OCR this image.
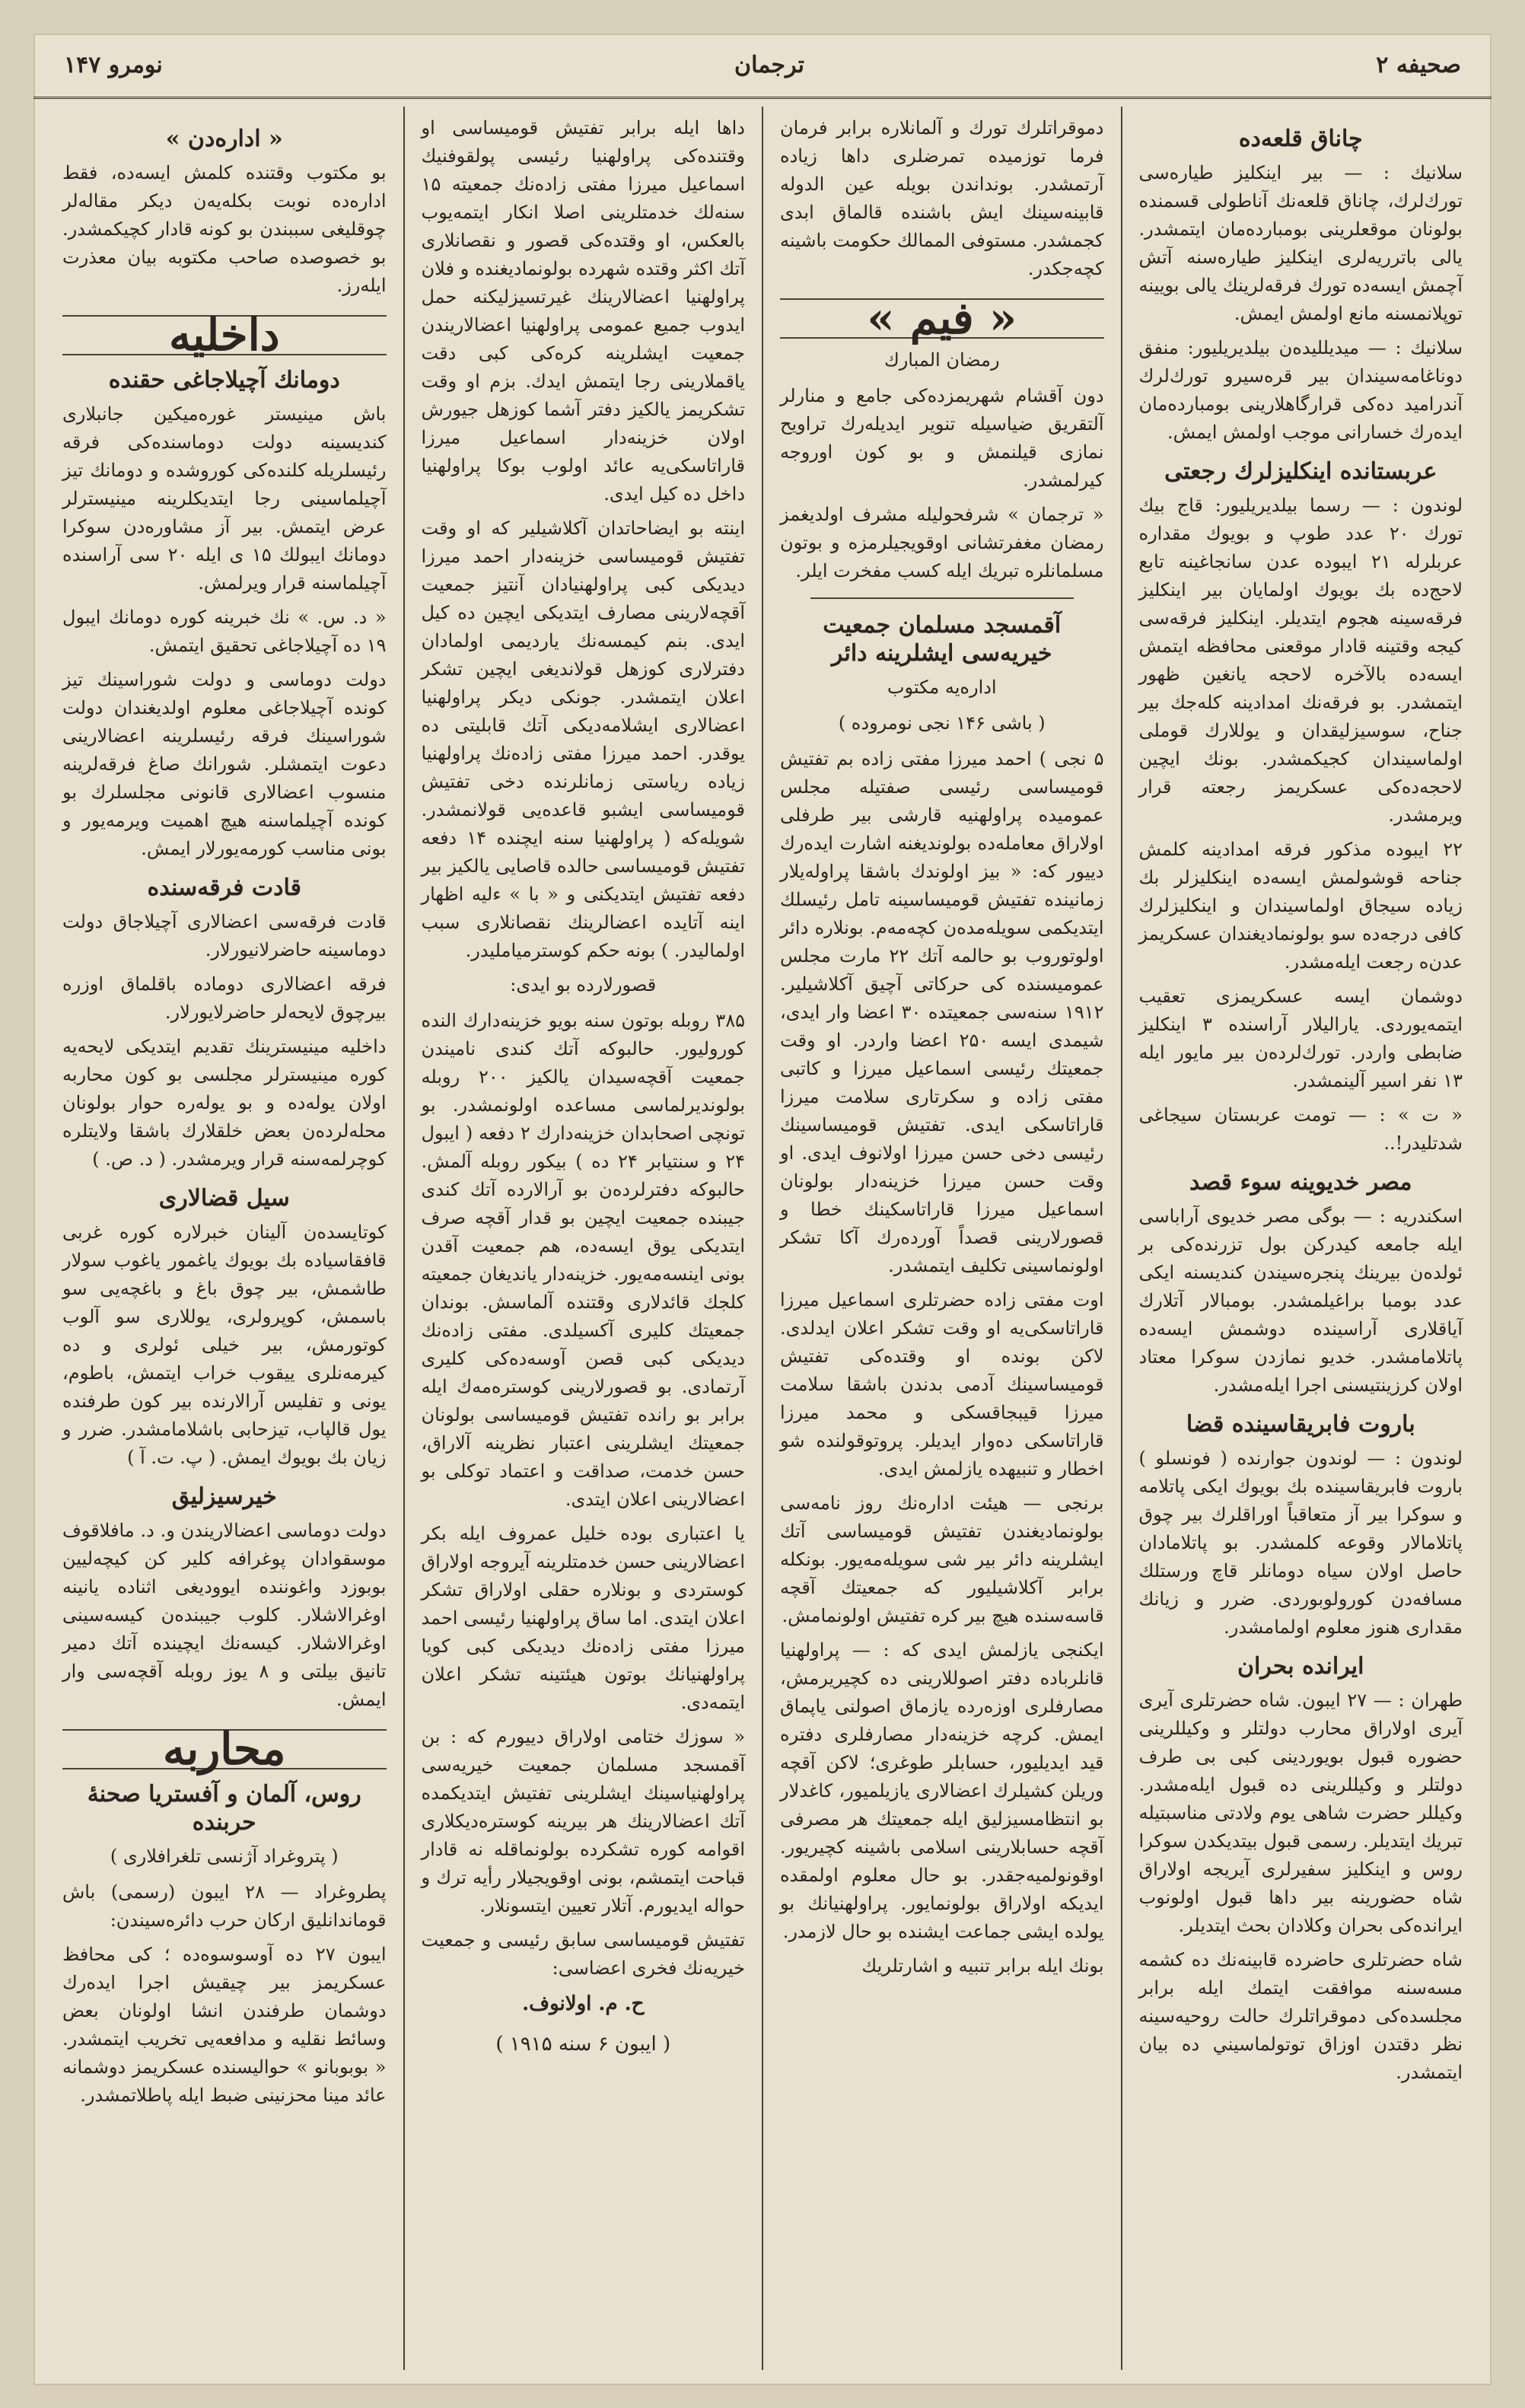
صحیفه ۲
ترجمان
نومرو ۱۴۷
چاناق قلعه‌ده

سلانیك : — بیر اینكلیز طیاره‌سی تورك‌لرك، چاناق قلعه‌نك آناطولی قسمنده بولونان موقعلرینی بومبارده‌مان ایتمشدر. یالی باترریه‌لری اینكلیز طیاره‌سنه آتش آچمش ایسه‌ده تورك فرقه‌لرینك یالی بویینه توپلانمسنه مانع اولمش ایمش.

سلانیك : — میدیللیده‌ن بیلدیریلیور: منفق دوناغامه‌سیندان بیر قره‌سیرو تورك‌لرك آندرامید ده‌کی قرارگاهلارینی بومبارده‌مان ایده‌رك خسارانی موجب اولمش ایمش.

عربستانده اینكلیزلرك رجعتی

لوندون : — رسما بیلدیریلیور: قاج بیك تورك ۲۰ عدد طوپ و بویوك مقداره عربلرله ۲۱ ایبوده عدن سانجاغینه تابع لاحج‌ده بك بویوك اولمایان بیر اینكلیز فرقه‌سینه هجوم ایتدیلر. اینكلیز فرقه‌سی كیجه وقتینه قادار موقعنی محافظه ایتمش ایسه‌ده بالآخره لاحجه یانغین ظهور ایتمشدر. بو فرقه‌نك امدادینه كله‌جك بیر جناح، سوسیزلیقدان و یوللارك قوملی اولماسیندان كجیكمشدر. بونك ایچین لاحجه‌ده‌كی عسكریمز رجعته قرار ویرمشدر.

۲۲ ایبوده مذكور فرقه امدادینه كلمش جناحه قوشولمش ایسه‌ده اینكلیزلر بك زیاده سیجاق اولماسیندان و اینكلیزلرك كافی درجه‌ده سو بولونمادیغندان عسكریمز عدن‌ه رجعت ایله‌مشدر.

دوشمان ایسه عسكریمزی تعقیب ایتمه‌یوردی. یارالیلار آراسنده ۳ اینكلیز ضابطی واردر. تورك‌لرده‌ن بیر مایور ایله ۱۳ نفر اسیر آلینمشدر.

« ت » : — تومت عربستان سیجاغی شدتلیدر!..

مصر خدیوینه سوء قصد

اسكندریه : — بوگی مصر خدیوی آراباسی ایله جامعه كیدركن بول تزرنده‌كی بر ئولده‌ن بیرینك پنجره‌سیندن كندیسنه ایكی عدد بومبا براغیلمشدر. بومبالار آتلارك آیاقلاری آراسینده دوشمش ایسه‌ده پاتلامامشدر. خدیو نمازدن سوكرا معتاد اولان كرزینتیسنی اجرا ایله‌مشدر.

باروت فابریقاسینده قضا

لوندون : — لوندون جوارنده ( فونسلو ) باروت فابریقاسینده بك بویوك ایكی پاتلامه و سوكرا بیر آز متعاقباً اوراقلرك بیر چوق پاتلاما‌لار وقوعه كلمشدر. بو پاتلامادان حاصل اولان سیاه دومانلر قاچ ورستلك مسافه‌دن كورولوبوردی. ضرر و زیانك مقداری هنوز معلوم اولمامشدر.

ایرانده بحران

طهران : — ۲۷ ایبون. شاه حضرتلری آیری آیری اولاراق محارب دولتلر و وكیللرینی حضوره قبول بویوردینی كبی بی طرف دولتلر و وكیللرینی ده قبول ایله‌مشدر. وكیللر حضرت شاهی یوم ولادتی مناسبتیله تبریك ایتدیلر. رسمی قبول بیتدیكدن سوكرا روس و اینكلیز سفیرلری آیریجه اولاراق شاه حضورینه بیر داها قبول اولونوب ایرانده‌كی بحران وكلادان بحث ایتدیلر.

شاه حضرتلری حاضرده قابینه‌نك ده كشمه مسه‌سنه موافقت ایتمك ایله برابر مجلسده‌كی دموقراتلرك حالت روحیه‌سینه نظر دقتدن اوزاق توتولماسیني ده بیان ایتمشدر.

دموقراتلرك تورك و آلمانلاره برابر فرمان فرما توزمیده تمرضلری داها زیاده آرتمشدر. بونداندن بویله عین الدوله قابینه‌سینك ایش باشنده قالماق ابدی كجمشدر. مستوفی الممالك حكومت باشینه كچه‌جكدر.

« فیم »
رمضان المبارك

دون آقشام شهریمزده‌كی جامع و منارلر آلتقریق ضیاسیله تنویر ایدیله‌رك تراویح نمازی قیلنمش و بو كون اوروجه كیرلمشدر.

« ترجمان » شرفحولیله مشرف اولدیغمز رمضان مغفرتشانی اوقویجیلرمزه و بوتون مسلمانلره تبریك ایله كسب مفخرت ایلر.

آقمسجد مسلمان جمعیت خیریه‌سی ایشلرینه دائر
اداره‌یه مكتوب
( باشی ۱۴۶ نجی نومروده )

۵ نجی ) احمد میرزا مفتی زاده بم تفتیش قومیساسی رئیسی صفتیله مجلس عمومیده پراولهنیه قارشی بیر طرفلی اولاراق معامله‌ده بولوندیغنه اشارت ایده‌رك دییور كه: « بیز اولوندك باشقا پراوله‌یلار زمانینده تفتیش قومیساسینه تامل رئیسلك ایتدیكمی سویله‌مده‌ن كچه‌مه‌م. بونلاره دائر اولوتوروب بو حالمه آتك ۲۲ مارت مجلس عمومیسنده كی حركاتی آچیق آكلاشیلیر. ۱۹۱۲ سنه‌سی جمعیتده ۳۰ اعضا وار ایدی، شیمدی ایسه ۲۵۰ اعضا واردر. او وقت جمعیتك رئیسی اسماعیل میرزا و كاتبی مفتی زاده و سكرتاری سلامت میرزا قاراتاسكی ایدی. تفتیش قومیساسینك رئیسی دخی حسن میرزا اولانوف ایدی. او وقت حسن میرزا خزینه‌دار بولونان اسماعیل میرزا قاراتاسكینك خطا و قصورلارینی قصداً آورده‌رك آكا تشكر اولونماسینی تكلیف ایتمشدر.

اوت مفتی زاده حضرتلری اسماعیل میرزا قاراتاسكی‌یه او وقت تشكر اعلان ایدلدی. لاكن بونده او وقتده‌كی تفتیش قومیساسینك آدمی بدندن باشقا سلامت میرزا قیبجاقسكی و محمد میرزا قاراتاسكی ده‌وار ایدیلر. پروتوقولنده شو اخطار و تنبیهده یازلمش ایدی.

برنجی — هیئت ادارەنك روز نامه‌سی بولونمادیغندن تفتیش قومیساسی آتك ایشلرینه دائر بیر شی سویله‌مه‌یور. بونكله برابر آكلاشیلیور كه جمعیتك آقچه قاسه‌سنده هیچ بیر كره تفتیش اولونمامش.

ایكنجی یازلمش ایدی كه : — پراولهنیا قانلرباده دفتر اصوللارینی ده كچیریرمش، مصارفلری اوزه‌رده یازماق اصولنی یاپماق ایمش. كرچه خزینه‌دار مصارفلری دفتره قید ایدیلیور، حسابلر طوغری؛ لاكن آقچه وریلن كشیلرك اعضالاری یازیلمیور، كاغدلار بو انتظامسیزلیق ایله جمعیتك هر مصرفی آقچه حسابلارینی اسلامی باشینه كچیریور. اوقونولمیه‌جقدر. بو حال معلوم اولمقده ایدیكه اولاراق بولونمایور. پراولهنیانك بو یولده ایشی جماعت ایشنده بو حال لازمدر.

بونك ایله برابر تنبیه و اشارتلریك

داها ایله برابر تفتیش قومیساسی او وقتنده‌كی پراولهنیا رئیسی پولقوفنیك اسماعیل میرزا مفتی زاده‌نك جمعیته ۱۵ سنه‌لك خدمتلرینی اصلا انكار ایتمه‌یوب بالعكس، او وقتده‌كی قصور و نقصانلاری آتك اكثر وقتده شهرده بولونمادیغنده و فلان پراولهنیا اعضالارینك غیرتسیزلیكنه حمل ایدوب جمیع عمومی پراولهنیا اعضالاریندن جمعیت ایشلرینه كره‌كی كبی دقت یاقملارینی رجا ایتمش ایدك. بزم او وقت تشكریمز یالكیز دفتر آشما كوزهل جیورش اولان خزینه‌دار اسماعیل میرزا قاراتاسكی‌یه عائد اولوب بوكا پراولهنیا داخل ده كیل ایدی.

اینته بو ایضاحاتدان آكلاشیلیر كه او وقت تفتیش قومیساسی خزینه‌دار احمد میرزا دیدیكی كبی پراولهنیادان آنتیز جمعیت آقچه‌لارینی مصارف ایتدیكی ایچین ده كیل ایدی. بنم كیمسه‌نك یاردیمی اولمادان دفترلاری كوزهل قولاندیغی ایچین تشكر اعلان ایتمشدر. جونكی دیكر پراولهنیا اعضالاری ایشلامه‌دیكی آتك قابلیتی ده یوقدر. احمد میرزا مفتی زاده‌نك پراولهنیا زیاده ریاستی زمانلرنده دخی تفتیش قومیساسی ایشبو قاعده‌یی قولانمشدر. شویله‌كه ( پراولهنیا سنه ایچنده ۱۴ دفعه تفتیش قومیساسی حالده قاصایی یالكیز بیر دفعه تفتیش ایتدیكنی و « با » ء‌لیه اظهار اینه آتایده اعضالرینك نقصانلاری سبب اولمالیدر. ) بونه حكم كوسترمیاملیدر.

قصورلارده بو ایدی:

۳۸۵ روبله بوتون سنه بویو خزینه‌دارك النده كورولیور. حالبوكه آتك كندی نامیندن جمعیت آقچه‌سیدان یالكیز ۲۰۰ روبله بولوندیرلماسی مساعده اولونمشدر. بو تونچی اصحابدان خزینه‌دارك ۲ دفعه ( ایبول ۲۴ و سنتیابر ۲۴ ده ) بیكور روبله آلمش. حالبوكه دفترلرده‌ن بو آرالارده آتك كندی جیبنده جمعیت ایچین بو قدار آقچه صرف ایتدیكی یوق ایسه‌ده، هم جمعیت آقدن بونی اینسه‌مه‌یور. خزینه‌دار یاندیغان جمعیته كلجك قائدلاری وقتنده آلماسش. بوندان جمعیتك كلیری آكسیلدی. مفتی زاده‌نك دیدیكی كبی قصن آوسه‌ده‌كی كلیری آرتمادی. بو قصورلارینی كوستره‌مه‌ك ایله برابر بو رانده تفتیش قومیساسی بولونان جمعیتك ایشلرینی اعتبار نظرینه آلاراق، حسن خدمت، صداقت و اعتماد توكلی بو اعضالارینی اعلان ایتدی.

یا اعتباری بوده خلیل عمروف ایله بكر اعضالارینی حسن خدمتلرینه آیروجه اولاراق كوستردی و بونلاره حقلی اولاراق تشكر اعلان ایتدی. اما ساق پراولهنیا رئیسی احمد میرزا مفتی زاده‌نك دیدیكی كبی كویا پراولهنیانك بوتون ‌‌‌هیئتینه تشكر اعلان ایتمه‌دی.

« سوزك ختامی اولاراق دییورم كه : بن آقمسجد مسلمان جمعیت خیریه‌سی پراولهنیاسینك ایشلرینی تفتیش ایتدیكمده آتك اعضالارینك هر بیرینه كوستره‌دیكلاری اقوامه كوره تشكرده بولونماقله نه قادار قباحت ایتمشم، بونی اوقویجیلار رأیه ترك و حواله ایدیورم. آتلار تعیین ایتسونلار.

تفتیش قومیساسی سابق رئیسی و جمعیت خیریه‌نك فخری اعضاسی:

ح. م. اولانوف.
( ایبون ۶ سنه ۱۹۱۵ )
« ادارەدن »

بو مكتوب وقتنده كلمش ایسه‌ده، فقط اداره‌ده نوبت بكله‌یه‌ن دیكر مقاله‌لر چوقلیغی سببندن بو كونه قادار كچیكمشدر. بو خصوصده صاحب مكتوبه بیان معذرت ایله‌رز.

داخلیه
دومانك آچیلاجاغی حقنده

باش مینیستر غوره‌میكین جانبلاری كندیسینه دولت دوماسنده‌كی فرقه رئیسلریله كلنده‌كی كوروشده و دومانك تیز آچیلماسینی رجا ایتدیكلرینه مینیسترلر عرض ایتمش. بیر آز مشاوره‌دن سوكرا دومانك ایبولك ۱۵ ی ایله ۲۰ سی آراسنده آچیلماسنه قرار ویرلمش.

« د. س. » نك خبرینه كوره دومانك ایبول ۱۹ ده آچیلاجاغی تحقیق ایتمش.

دولت دوماسی و دولت شوراسینك تیز كونده آچیلاجاغی معلوم اولدیغندان دولت شوراسینك فرقه رئیسلرینه اعضالارینی دعوت ایتمشلر. شورانك صاغ فرقه‌لرینه منسوب اعضالاری قانونی مجلسلرك بو كونده آچیلماسنه هیچ اهمیت ویرمه‌یور و بونی مناسب كورمه‌یورلار ایمش.

قادت فرقه‌سنده

قادت فرقه‌سی اعضالاری آچیلاجاق دولت دوماسینه حاضرلانیورلار.

فرقه اعضالاری دوماده باقلماق اوزره بیرچوق لایحه‌لر حاضرلایورلار.

داخلیه مینیسترینك تقدیم ایتدیكی لایحه‌یه كوره مینیسترلر مجلسی بو كون محاربه اولان یوله‌ده و بو یوله‌ره‌ حوار بولونان محله‌لرده‌ن بعض خلقلارك باشقا ولایتلره كوچرلمه‌سنه قرار ویرمشدر. ( د. ص. )

سیل قضالاری

كوتایسده‌ن آلینان خبرلاره كوره غربی قافقاسیاده بك بویوك یاغمور یاغوب سولار طاشمش، بیر چوق باغ و باغچه‌یی سو باسمش، كوپرولری، یوللاری سو آلوب كوتورمش، بیر خیلی ئولری و ده كیرمه‌نلری ییقوب خراب ایتمش، باطوم، یونی و تفلیس آرالارنده بیر كون طرفنده یول قالپاب، تیزحابی باشلامامشدر. ضرر و زیان بك بویوك ایمش. ( پ. ت. آ )

خیرسیزلیق

دولت دوماسی اعضالاریندن و. د. مافلاقوف موسقوادان پوغرافه كلیر كن كیچه‌لیین بوبوزد واغوننده ایوودیغی اثناده یانینه اوغرالاشلار. كلوب جیبنده‌ن كیسه‌سینی اوغرالاشلار. كیسه‌نك ایچینده آتك دمیر تانیق بیلتی و ۸ یوز روبله آقچه‌سی وار ایمش.

محاربه
روس، آلمان و آفستریا صحنهٔ حربنده
( پتروغراد آژنسی تلغرافلاری )

پطروغراد — ۲۸ ایبون (رسمی) باش قوماندانلیق اركان حرب دائره‌سیندن:

ایبون ۲۷ ده آوسوسوه‌ده ؛ كی محافظ عسكریمز بیر چیقیش اجرا ایده‌رك دوشمان طرفندن انشا اولونان بعض وسائط نقلیه و مدافعه‌یی تخریب ایتمشدر. « بوبوبانو » حوالیسنده عسكریمز دوشمانه عائد مینا محزنینی ضبط ایله پاطلاتمشدر.
